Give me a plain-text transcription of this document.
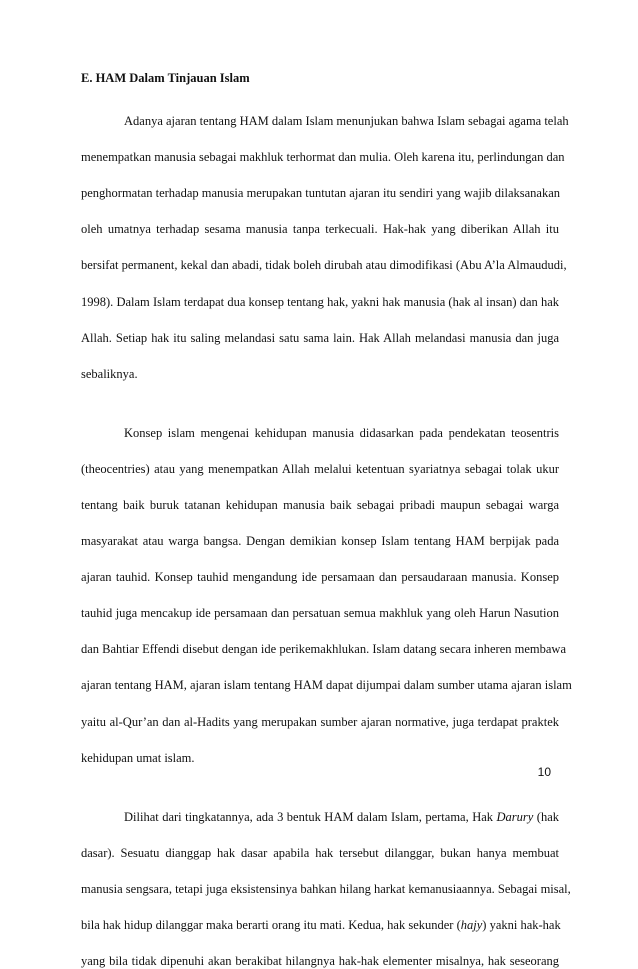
E. HAM Dalam Tinjauan Islam
Adanya ajaran tentang HAM dalam Islam menunjukan bahwa Islam sebagai agama telah
menempatkan manusia sebagai makhluk terhormat dan mulia. Oleh karena itu, perlindungan dan
penghormatan terhadap manusia merupakan tuntutan ajaran itu sendiri yang wajib dilaksanakan
oleh umatnya terhadap sesama manusia tanpa terkecuali. Hak-hak yang diberikan Allah itu
bersifat permanent, kekal dan abadi, tidak boleh dirubah atau dimodifikasi (Abu A’la Almaududi,
1998). Dalam Islam terdapat dua konsep tentang hak, yakni hak manusia (hak al insan) dan hak
Allah. Setiap hak itu saling melandasi satu sama lain. Hak Allah melandasi manusia dan juga
sebaliknya.
Konsep islam mengenai kehidupan manusia didasarkan pada pendekatan teosentris
(theocentries) atau yang menempatkan Allah melalui ketentuan syariatnya sebagai tolak ukur
tentang baik buruk tatanan kehidupan manusia baik sebagai pribadi maupun sebagai warga
masyarakat atau warga bangsa. Dengan demikian konsep Islam tentang HAM berpijak pada
ajaran tauhid. Konsep tauhid mengandung ide persamaan dan persaudaraan manusia. Konsep
tauhid juga mencakup ide persamaan dan persatuan semua makhluk yang oleh Harun Nasution
dan Bahtiar Effendi disebut dengan ide perikemakhlukan. Islam datang secara inheren membawa
ajaran tentang HAM, ajaran islam tentang HAM dapat dijumpai dalam sumber utama ajaran islam
yaitu al-Qur’an dan al-Hadits yang merupakan sumber ajaran normative, juga terdapat praktek
kehidupan umat islam.
Dilihat dari tingkatannya, ada 3 bentuk HAM dalam Islam, pertama, Hak Darury (hak
dasar). Sesuatu dianggap hak dasar apabila hak tersebut dilanggar, bukan hanya membuat
manusia sengsara, tetapi juga eksistensinya bahkan hilang harkat kemanusiaannya. Sebagai misal,
bila hak hidup dilanggar maka berarti orang itu mati. Kedua, hak sekunder (hajy) yakni hak-hak
yang bila tidak dipenuhi akan berakibat hilangnya hak-hak elementer misalnya, hak seseorang
10
